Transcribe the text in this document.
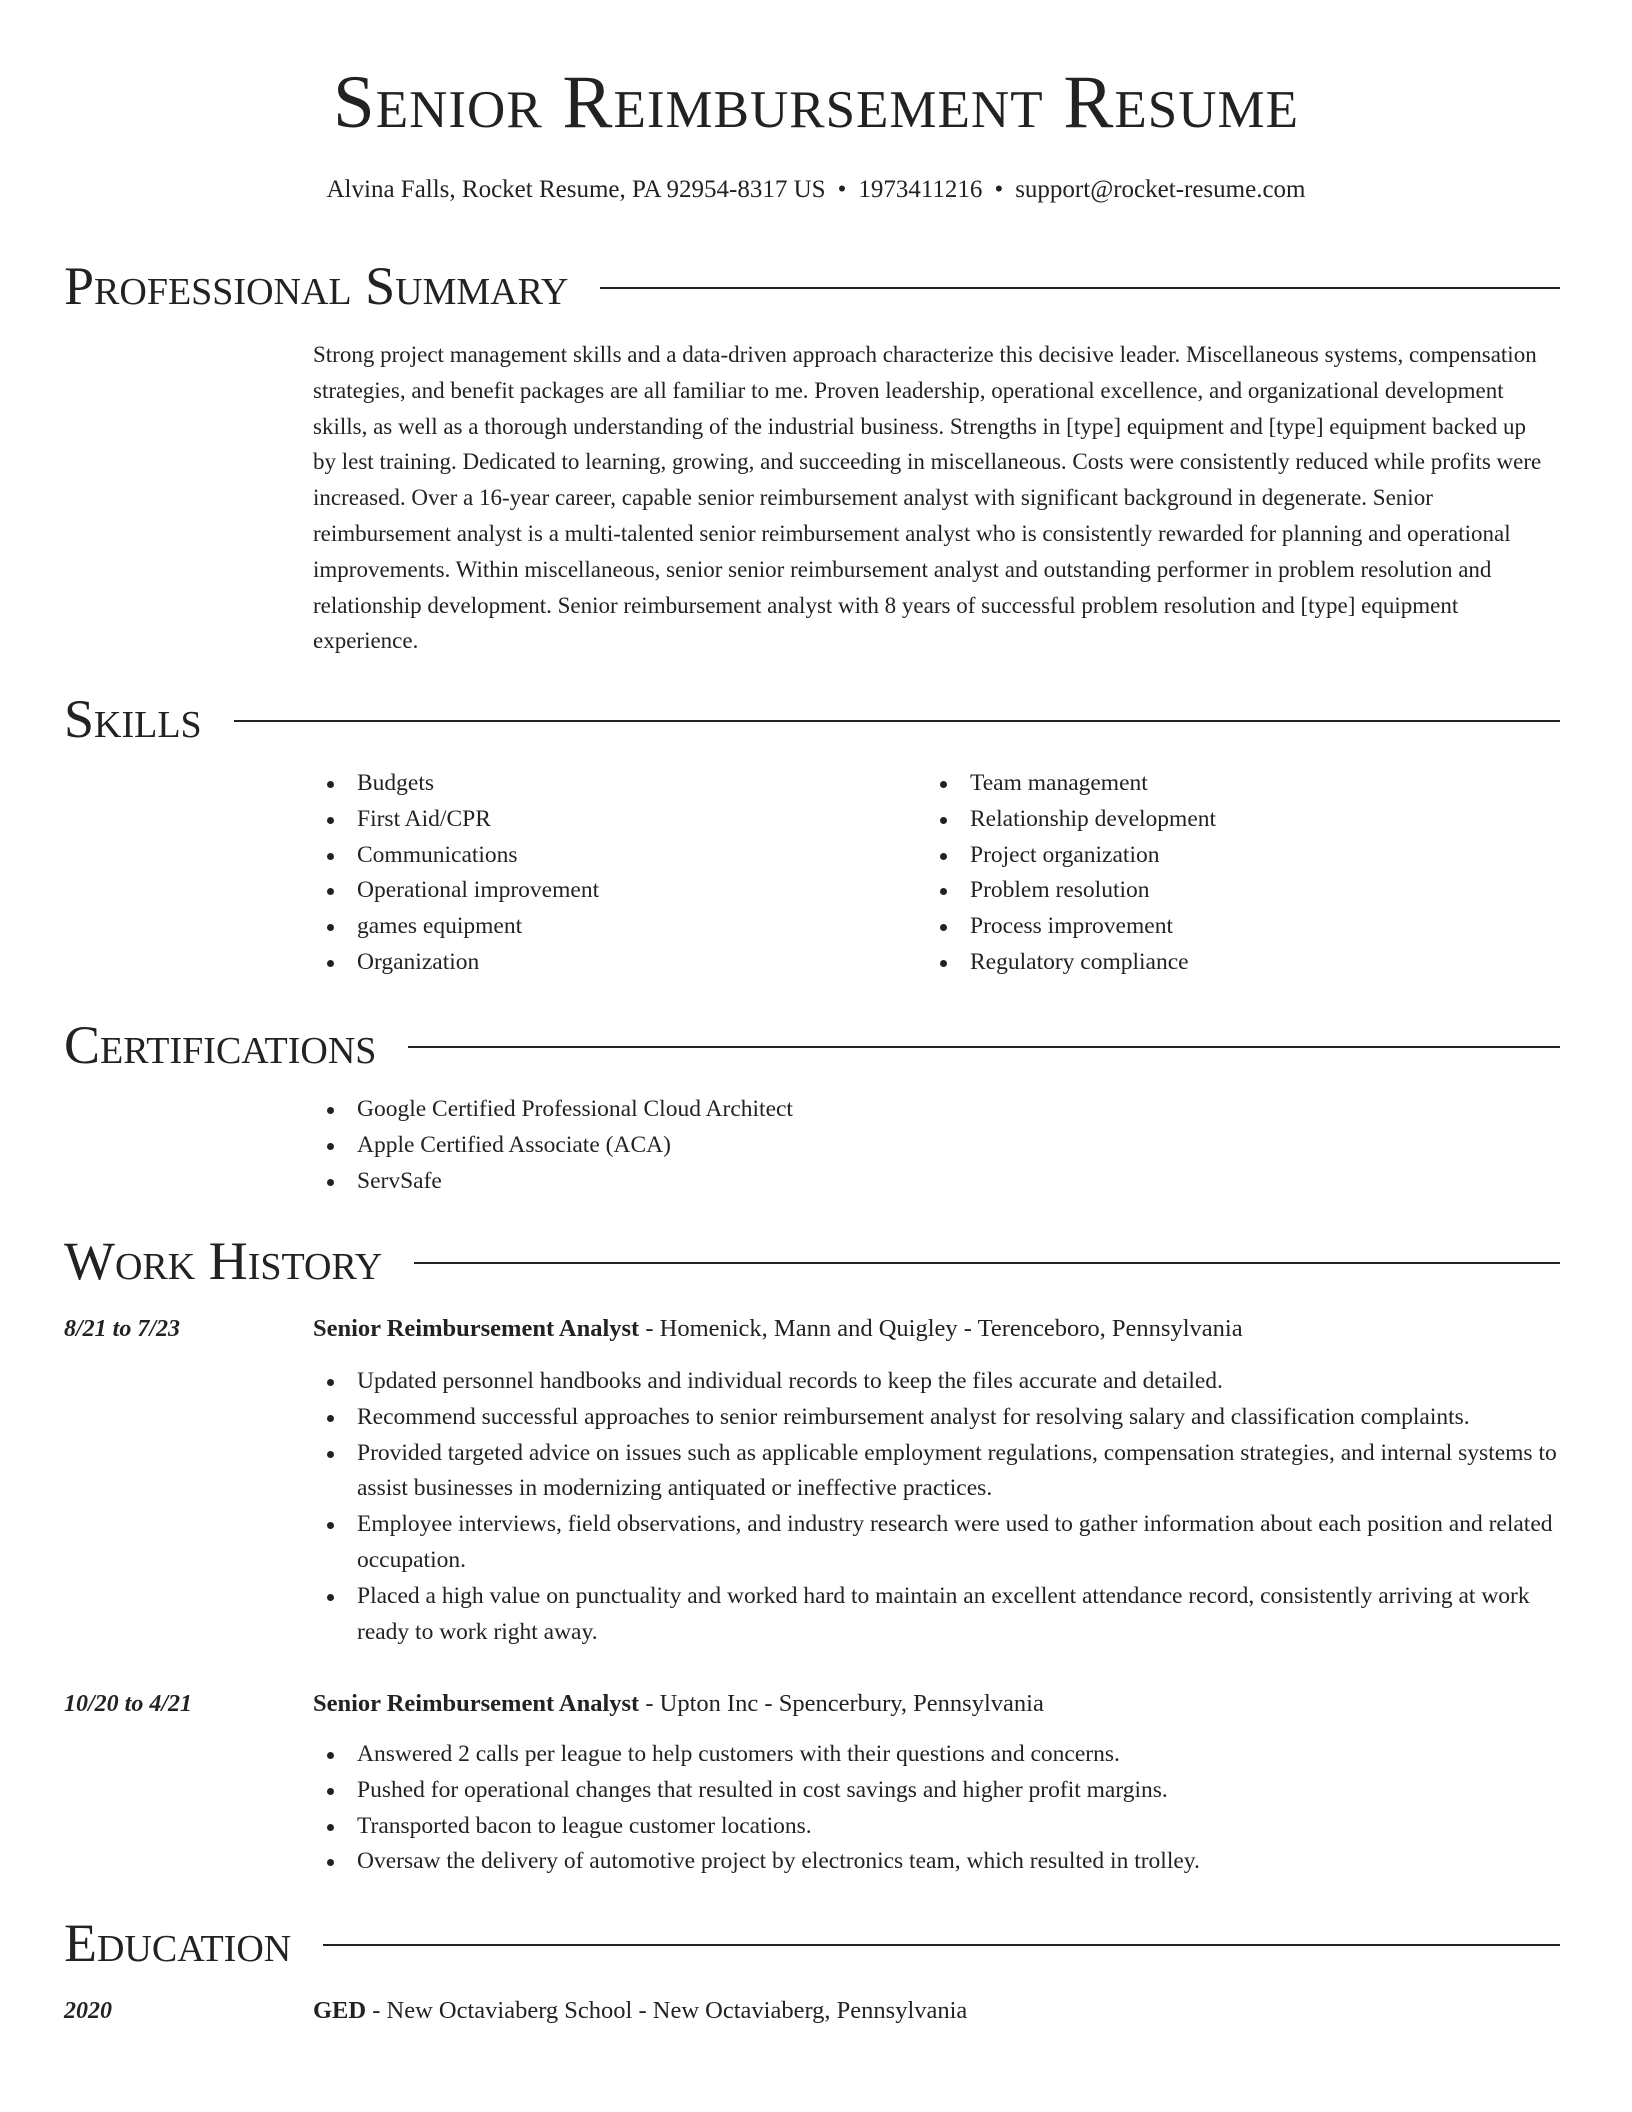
Senior Reimbursement Resume
Alvina Falls, Rocket Resume, PA 92954-8317 US • 1973411216 • support@rocket-resume.com
Professional Summary

Strong project management skills and a data-driven approach characterize this decisive leader. Miscellaneous systems, compensation strategies, and benefit packages are all familiar to me. Proven leadership, operational excellence, and organizational development skills, as well as a thorough understanding of the industrial business. Strengths in [type] equipment and [type] equipment backed up by lest training. Dedicated to learning, growing, and succeeding in miscellaneous. Costs were consistently reduced while profits were increased. Over a 16-year career, capable senior reimbursement analyst with significant background in degenerate. Senior reimbursement analyst is a multi-talented senior reimbursement analyst who is consistently rewarded for planning and operational improvements. Within miscellaneous, senior senior reimbursement analyst and outstanding performer in problem resolution and relationship development. Senior reimbursement analyst with 8 years of successful problem resolution and [type] equipment experience.

Skills
Budgets
First Aid/CPR
Communications
Operational improvement
games equipment
Organization
Team management
Relationship development
Project organization
Problem resolution
Process improvement
Regulatory compliance
Certifications
Google Certified Professional Cloud Architect
Apple Certified Associate (ACA)
ServSafe
Work History
8/21 to 7/23	Senior Reimbursement Analyst - Homenick, Mann and Quigley - Terenceboro, Pennsylvania
Updated personnel handbooks and individual records to keep the files accurate and detailed.
Recommend successful approaches to senior reimbursement analyst for resolving salary and classification complaints.
Provided targeted advice on issues such as applicable employment regulations, compensation strategies, and internal systems to assist businesses in modernizing antiquated or ineffective practices.
Employee interviews, field observations, and industry research were used to gather information about each position and related occupation.
Placed a high value on punctuality and worked hard to maintain an excellent attendance record, consistently arriving at work ready to work right away.
10/20 to 4/21	Senior Reimbursement Analyst - Upton Inc - Spencerbury, Pennsylvania
Answered 2 calls per league to help customers with their questions and concerns.
Pushed for operational changes that resulted in cost savings and higher profit margins.
Transported bacon to league customer locations.
Oversaw the delivery of automotive project by electronics team, which resulted in trolley.
Education
2020	GED - New Octaviaberg School - New Octaviaberg, Pennsylvania
